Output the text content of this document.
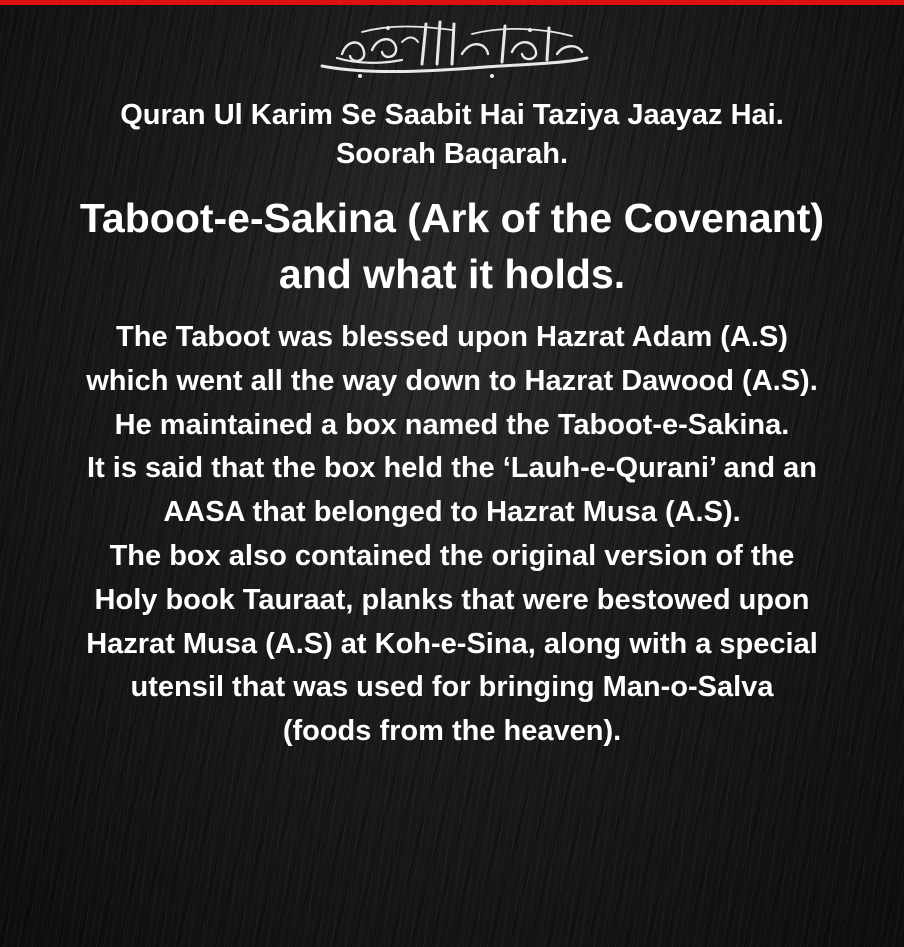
Quran Ul Karim Se Saabit Hai Taziya Jaayaz Hai.
Soorah Baqarah.

Taboot-e-Sakina (Ark of the Covenant)
and what it holds.

The Taboot was blessed upon Hazrat Adam (A.S)
which went all the way down to Hazrat Dawood (A.S).
He maintained a box named the Taboot-e-Sakina.
It is said that the box held the ‘Lauh-e-Qurani’ and an
AASA that belonged to Hazrat Musa (A.S).
The box also contained the original version of the
Holy book Tauraat, planks that were bestowed upon
Hazrat Musa (A.S) at Koh-e-Sina, along with a special
utensil that was used for bringing Man-o-Salva
(foods from the heaven).
